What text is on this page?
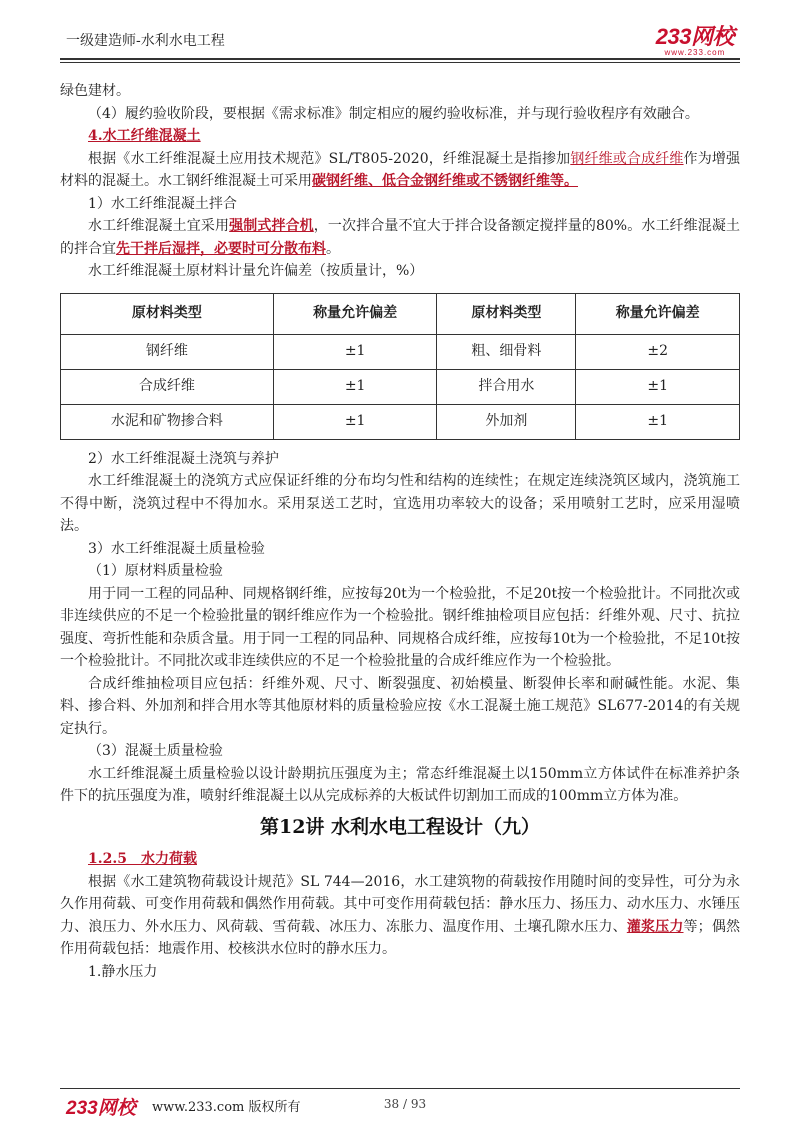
一级建造师-水利水电工程	233网校
www.233.com

绿色建材。

（4）履约验收阶段，要根据《需求标准》制定相应的履约验收标准，并与现行验收程序有效融合。

4.水工纤维混凝土

根据《水工纤维混凝土应用技术规范》SL/T805-2020，纤维混凝土是指掺加钢纤维或合成纤维作为增强材料的混凝土。水工钢纤维混凝土可采用碳钢纤维、低合金钢纤维或不锈钢纤维等。

1）水工纤维混凝土拌合

水工纤维混凝土宜采用强制式拌合机，一次拌合量不宜大于拌合设备额定搅拌量的80%。水工纤维混凝土的拌合宜先干拌后湿拌，必要时可分散布料。

水工纤维混凝土原材料计量允许偏差（按质量计，%）

原材料类型	称量允许偏差	原材料类型	称量允许偏差
钢纤维	±1	粗、细骨料	±2
合成纤维	±1	拌合用水	±1
水泥和矿物掺合料	±1	外加剂	±1

2）水工纤维混凝土浇筑与养护

水工纤维混凝土的浇筑方式应保证纤维的分布均匀性和结构的连续性；在规定连续浇筑区域内，浇筑施工不得中断，浇筑过程中不得加水。采用泵送工艺时，宜选用功率较大的设备；采用喷射工艺时，应采用湿喷法。

3）水工纤维混凝土质量检验

（1）原材料质量检验

用于同一工程的同品种、同规格钢纤维，应按每20t为一个检验批，不足20t按一个检验批计。不同批次或非连续供应的不足一个检验批量的钢纤维应作为一个检验批。钢纤维抽检项目应包括：纤维外观、尺寸、抗拉强度、弯折性能和杂质含量。用于同一工程的同品种、同规格合成纤维，应按每10t为一个检验批，不足10t按一个检验批计。不同批次或非连续供应的不足一个检验批量的合成纤维应作为一个检验批。

合成纤维抽检项目应包括：纤维外观、尺寸、断裂强度、初始模量、断裂伸长率和耐碱性能。水泥、集料、掺合料、外加剂和拌合用水等其他原材料的质量检验应按《水工混凝土施工规范》SL677-2014的有关规定执行。

（3）混凝土质量检验

水工纤维混凝土质量检验以设计龄期抗压强度为主；常态纤维混凝土以150mm立方体试件在标准养护条件下的抗压强度为准，喷射纤维混凝土以从完成标养的大板试件切割加工而成的100mm立方体为准。

第12讲 水利水电工程设计（九）

1.2.5　水力荷载

根据《水工建筑物荷载设计规范》SL 744—2016，水工建筑物的荷载按作用随时间的变异性，可分为永久作用荷载、可变作用荷载和偶然作用荷载。其中可变作用荷载包括：静水压力、扬压力、动水压力、水锤压力、浪压力、外水压力、风荷载、雪荷载、冰压力、冻胀力、温度作用、土壤孔隙水压力、灌浆压力等；偶然作用荷载包括：地震作用、校核洪水位时的静水压力。

1.静水压力

233网校 www.233.com 版权所有	38 / 93
